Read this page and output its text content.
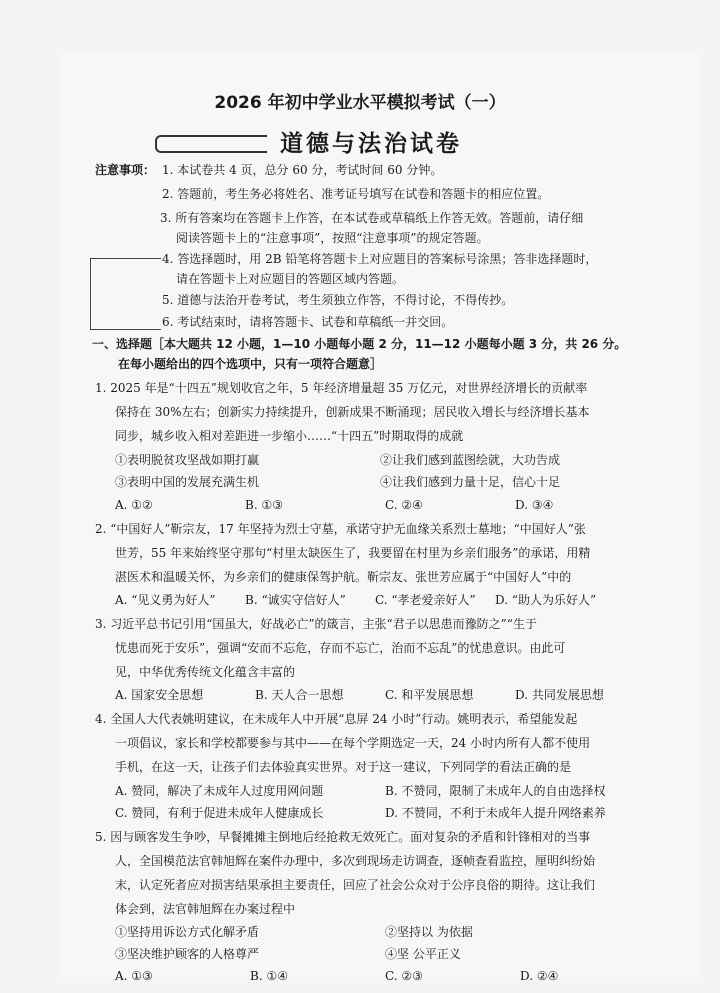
2026 年初中学业水平模拟考试（一）
道德与法治试卷
注意事项： 1. 本试卷共 4 页，总分 60 分，考试时间 60 分钟。
2. 答题前，考生务必将姓名、准考证号填写在试卷和答题卡的相应位置。
3. 所有答案均在答题卡上作答，在本试卷或草稿纸上作答无效。答题前，请仔细
阅读答题卡上的“注意事项”，按照“注意事项”的规定答题。
4. 答选择题时，用 2B 铅笔将答题卡上对应题目的答案标号涂黑；答非选择题时，
请在答题卡上对应题目的答题区域内答题。
5. 道德与法治开卷考试，考生须独立作答，不得讨论，不得传抄。
6. 考试结束时，请将答题卡、试卷和草稿纸一并交回。
一、选择题［本大题共 12 小题，1—10 小题每小题 2 分，11—12 小题每小题 3 分，共 26 分。
在每小题给出的四个选项中，只有一项符合题意］
1. 2025 年是“十四五”规划收官之年，5 年经济增量超 35 万亿元，对世界经济增长的贡献率
保持在 30%左右；创新实力持续提升，创新成果不断涌现；居民收入增长与经济增长基本
同步，城乡收入相对差距进一步缩小……“十四五”时期取得的成就
①表明脱贫攻坚战如期打赢	②让我们感到蓝图绘就，大功告成
③表明中国的发展充满生机	④让我们感到力量十足，信心十足
A. ①②	B. ①③	C. ②④	D. ③④
2. “中国好人”靳宗友，17 年坚持为烈士守墓，承诺守护无血缘关系烈士墓地；“中国好人”张
世芳，55 年来始终坚守那句“村里太缺医生了，我要留在村里为乡亲们服务”的承诺，用精
湛医术和温暖关怀，为乡亲们的健康保驾护航。靳宗友、张世芳应属于“中国好人”中的
A. “见义勇为好人” B. “诚实守信好人” C. “孝老爱亲好人” D. “助人为乐好人”
3. 习近平总书记引用“国虽大，好战必亡”的箴言，主张“君子以思患而豫防之”“生于
忧患而死于安乐”，强调“安而不忘危，存而不忘亡，治而不忘乱”的忧患意识。由此可
见，中华优秀传统文化蕴含丰富的
A. 国家安全思想	B. 天人合一思想	C. 和平发展思想	D. 共同发展思想
4. 全国人大代表姚明建议，在未成年人中开展“息屏 24 小时”行动。姚明表示，希望能发起
一项倡议，家长和学校都要参与其中——在每个学期选定一天，24 小时内所有人都不使用
手机，在这一天，让孩子们去体验真实世界。对于这一建议，下列同学的看法正确的是
A. 赞同，解决了未成年人过度用网问题	B. 不赞同，限制了未成年人的自由选择权
C. 赞同，有利于促进未成年人健康成长	D. 不赞同，不利于未成年人提升网络素养
5. 因与顾客发生争吵，早餐摊摊主倒地后经抢救无效死亡。面对复杂的矛盾和针锋相对的当事
人，全国模范法官韩旭辉在案件办理中，多次到现场走访调查，逐帧查看监控，厘明纠纷始
末，认定死者应对损害结果承担主要责任，回应了社会公众对于公序良俗的期待。这让我们
体会到，法官韩旭辉在办案过程中
①坚持用诉讼方式化解矛盾	②坚持以 为依据
③坚决维护顾客的人格尊严	④坚 公平正义
A. ①③	B. ①④	C. ②③	D. ②④
